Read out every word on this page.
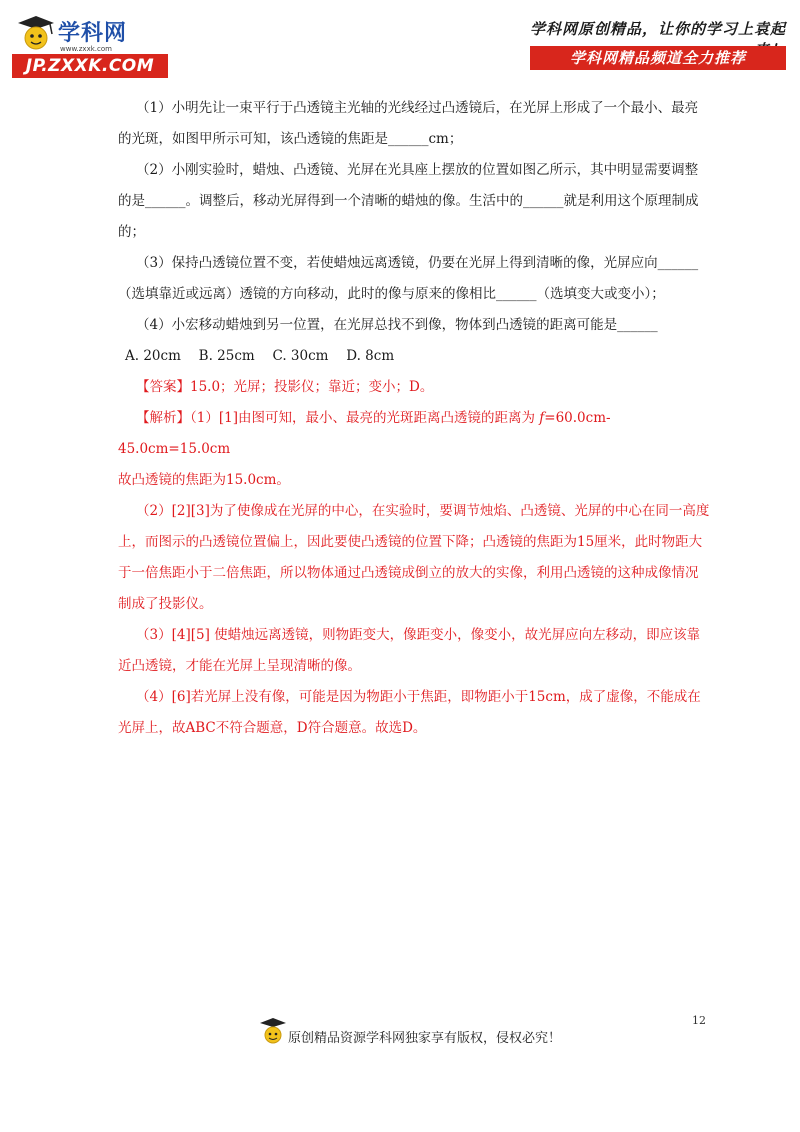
学科网
www.zxxk.com
JP.ZXXK.COM
学科网原创精品，让你的学习上袁起
学科网精品频道全力推荐

（1）小明先让一束平行于凸透镜主光轴的光线经过凸透镜后，在光屏上形成了一个最小、最亮的光斑，如图甲所示可知，该凸透镜的焦距是______cm；

（2）小刚实验时，蜡烛、凸透镜、光屏在光具座上摆放的位置如图乙所示，其中明显需要调整的是______。调整后，移动光屏得到一个清晰的蜡烛的像。生活中的______就是利用这个原理制成的；

（3）保持凸透镜位置不变，若使蜡烛远离透镜，仍要在光屏上得到清晰的像，光屏应向______（选填靠近或远离）透镜的方向移动，此时的像与原来的像相比______（选填变大或变小）；

（4）小宏移动蜡烛到另一位置，在光屏总找不到像，物体到凸透镜的距离可能是______

A. 20cm　 B. 25cm　 C. 30cm　 D. 8cm

【答案】15.0；光屏；投影仪；靠近；变小；D。

【解析】（1）[1]由图可知，最小、最亮的光斑距离凸透镜的距离为 f=60.0cm-45.0cm=15.0cm
故凸透镜的焦距为15.0cm。

（2）[2][3]为了使像成在光屏的中心，在实验时，要调节烛焰、凸透镜、光屏的中心在同一高度上，而图示的凸透镜位置偏上，因此要使凸透镜的位置下降；凸透镜的焦距为15厘米，此时物距大于一倍焦距小于二倍焦距，所以物体通过凸透镜成倒立的放大的实像，利用凸透镜的这种成像情况制成了投影仪。

（3）[4][5] 使蜡烛远离透镜，则物距变大，像距变小，像变小，故光屏应向左移动，即应该靠近凸透镜，才能在光屏上呈现清晰的像。

（4）[6]若光屏上没有像，可能是因为物距小于焦距，即物距小于15cm，成了虚像，不能成在光屏上，故ABC不符合题意，D符合题意。故选D。

12
原创精品资源学科网独家享有版权，侵权必究！
